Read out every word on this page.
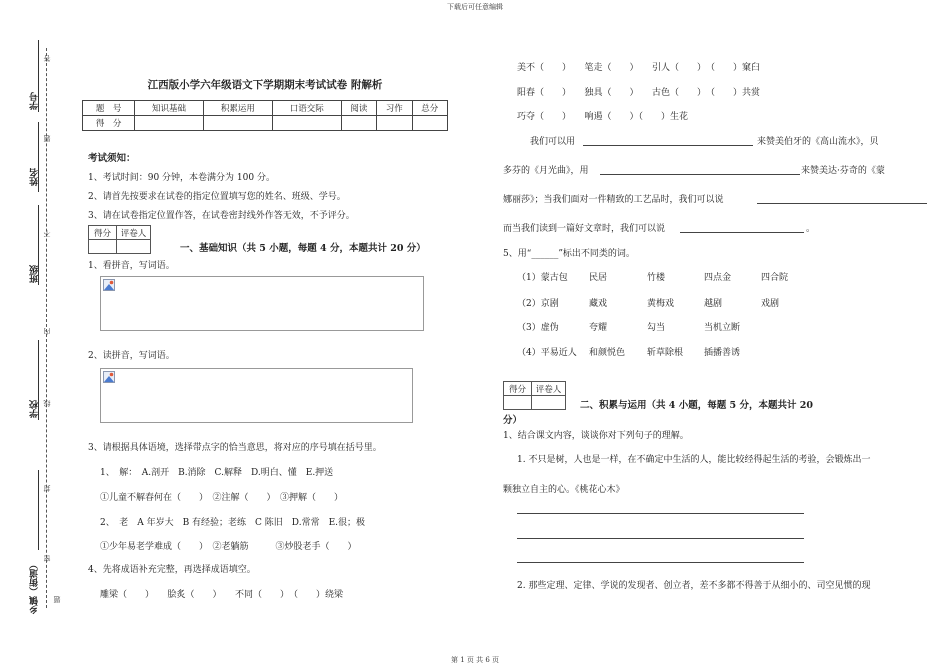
下载后可任意编辑
答
题
不
内
线
封
密
题
学号
姓名
班级
学校
乡镇（街道）
江西版小学六年级语文下学期期末考试试卷 附解析
题　号	知识基础	积累运用	口语交际	阅读	习作	总分
得　分						
考试须知：
1、考试时间：90 分钟，本卷满分为 100 分。
2、请首先按要求在试卷的指定位置填写您的姓名、班级、学号。
3、请在试卷指定位置作答，在试卷密封线外作答无效，不予评分。
得分	评卷人

一、基础知识（共 5 小题，每题 4 分，本题共计 20 分）
1、看拼音，写词语。
2、读拼音，写词语。
3、请根据具体语境，选择带点字的恰当意思，将对应的序号填在括号里。
1、　解：　A.剖开　B.消除　C.解释　D.明白、懂　E.押送
①儿童不解春何在（　　）　②注解（　　）　③押解（　　）
2、　老　A 年岁大　B 有经验；老练　C 陈旧　D.常常　E.很；极
①少年易老学难成（　　）　②老躺筋　　　③炒股老手（　　）
4、先将成语补充完整，再选择成语填空。
雕梁（　　）　　脍炙（　　）　　不同（　　）　（　　）绕梁
美不（　　）　　笔走（　　）　　引人（　　）　（　　）窠臼
阳春（　　）　　独具（　　）　　古色（　　）　（　　）共赏
巧夺（　　）　　响遏（　　）（　　）生花
我们可以用	来赞美伯牙的《高山流水》，贝
多芬的《月光曲》，用	来赞美达·芬奇的《蒙
娜丽莎》；当我们面对一件精致的工艺品时，我们可以说
而当我们读到一篇好文章时，我们可以说	。
5、用“______”标出不同类的词。
（1）蒙古包 民居	竹楼	四点金	四合院
（2）京剧	藏戏	黄梅戏	越剧	戏剧
（3）虚伪	夸耀	勾当	当机立断
（4）平易近人 和颜悦色 斩草除根 插播善诱
得分	评卷人

二、积累与运用（共 4 小题，每题 5 分，本题共计 20
分）
1、结合课文内容，谈谈你对下列句子的理解。
1. 不只是树，人也是一样，在不确定中生活的人，能比较经得起生活的考验，会锻炼出一
颗独立自主的心。《桃花心木》
2. 那些定理、定律、学说的发现者、创立者，差不多都不得善于从细小的、司空见惯的现
第 1 页 共 6 页
